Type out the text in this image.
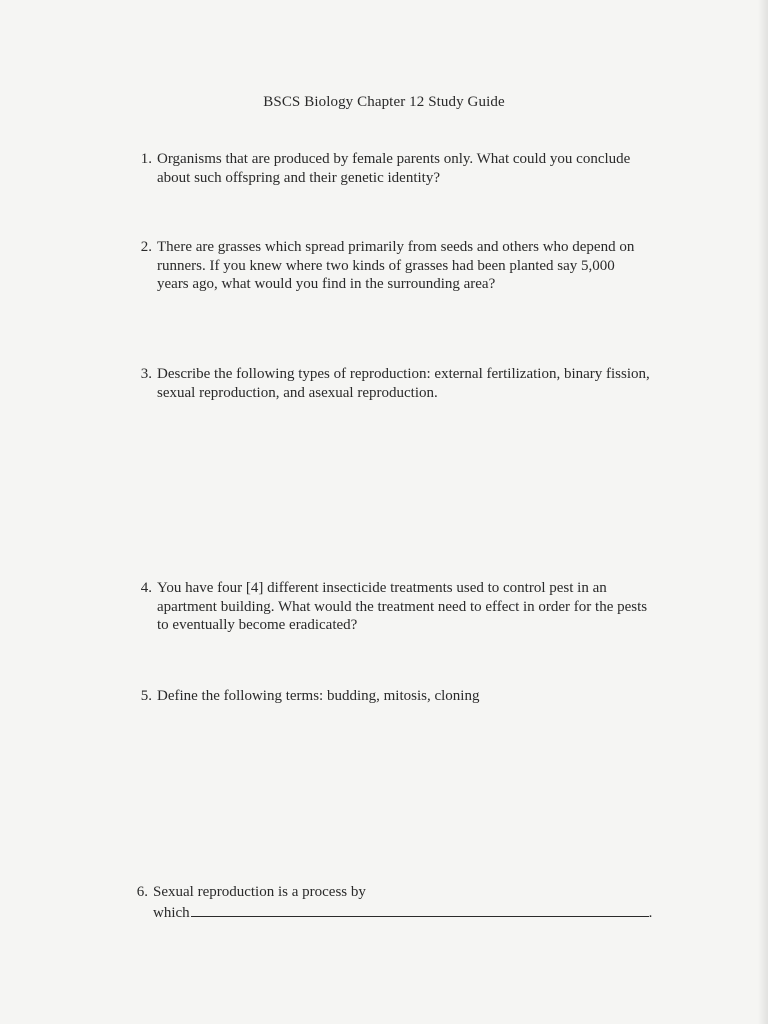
BSCS Biology Chapter 12 Study Guide
1. Organisms that are produced by female parents only. What could you conclude
about such offspring and their genetic identity?
2. There are grasses which spread primarily from seeds and others who depend on
runners. If you knew where two kinds of grasses had been planted say 5,000
years ago, what would you find in the surrounding area?
3. Describe the following types of reproduction: external fertilization, binary fission,
sexual reproduction, and asexual reproduction.
4. You have four [4] different insecticide treatments used to control pest in an
apartment building. What would the treatment need to effect in order for the pests
to eventually become eradicated?
5. Define the following terms: budding, mitosis, cloning
6. Sexual reproduction is a process by
which	.
